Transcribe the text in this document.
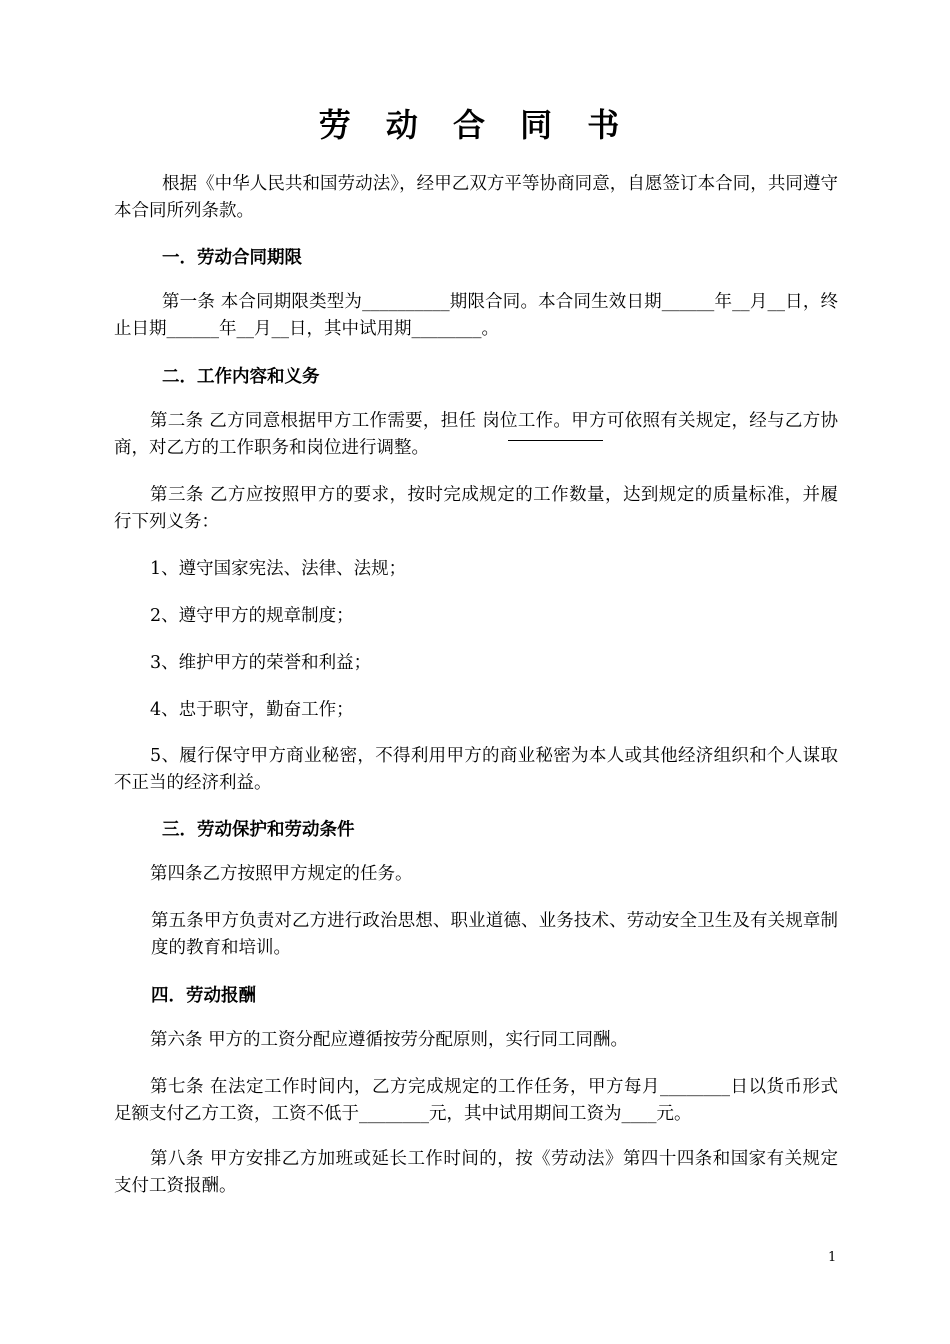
劳 动 合 同 书
根据《中华人民共和国劳动法》，经甲乙双方平等协商同意，自愿签订本合同，共同遵守本合同所列条款。
一．劳动合同期限
第一条 本合同期限类型为__________期限合同。本合同生效日期______年__月__日，终止日期______年__月__日，其中试用期________。
二．工作内容和义务
第二条 乙方同意根据甲方工作需要，担任 岗位工作。甲方可依照有关规定，经与乙方协商，对乙方的工作职务和岗位进行调整。
第三条 乙方应按照甲方的要求，按时完成规定的工作数量，达到规定的质量标准，并履行下列义务：
1、遵守国家宪法、法律、法规；
2、遵守甲方的规章制度；
3、维护甲方的荣誉和利益；
4、忠于职守，勤奋工作；
5、履行保守甲方商业秘密，不得利用甲方的商业秘密为本人或其他经济组织和个人谋取不正当的经济利益。
三．劳动保护和劳动条件
第四条乙方按照甲方规定的任务。
第五条甲方负责对乙方进行政治思想、职业道德、业务技术、劳动安全卫生及有关规章制度的教育和培训。
四．劳动报酬
第六条 甲方的工资分配应遵循按劳分配原则，实行同工同酬。
第七条 在法定工作时间内，乙方完成规定的工作任务，甲方每月________日以货币形式足额支付乙方工资，工资不低于________元，其中试用期间工资为____元。
第八条 甲方安排乙方加班或延长工作时间的，按《劳动法》第四十四条和国家有关规定支付工资报酬。
1
